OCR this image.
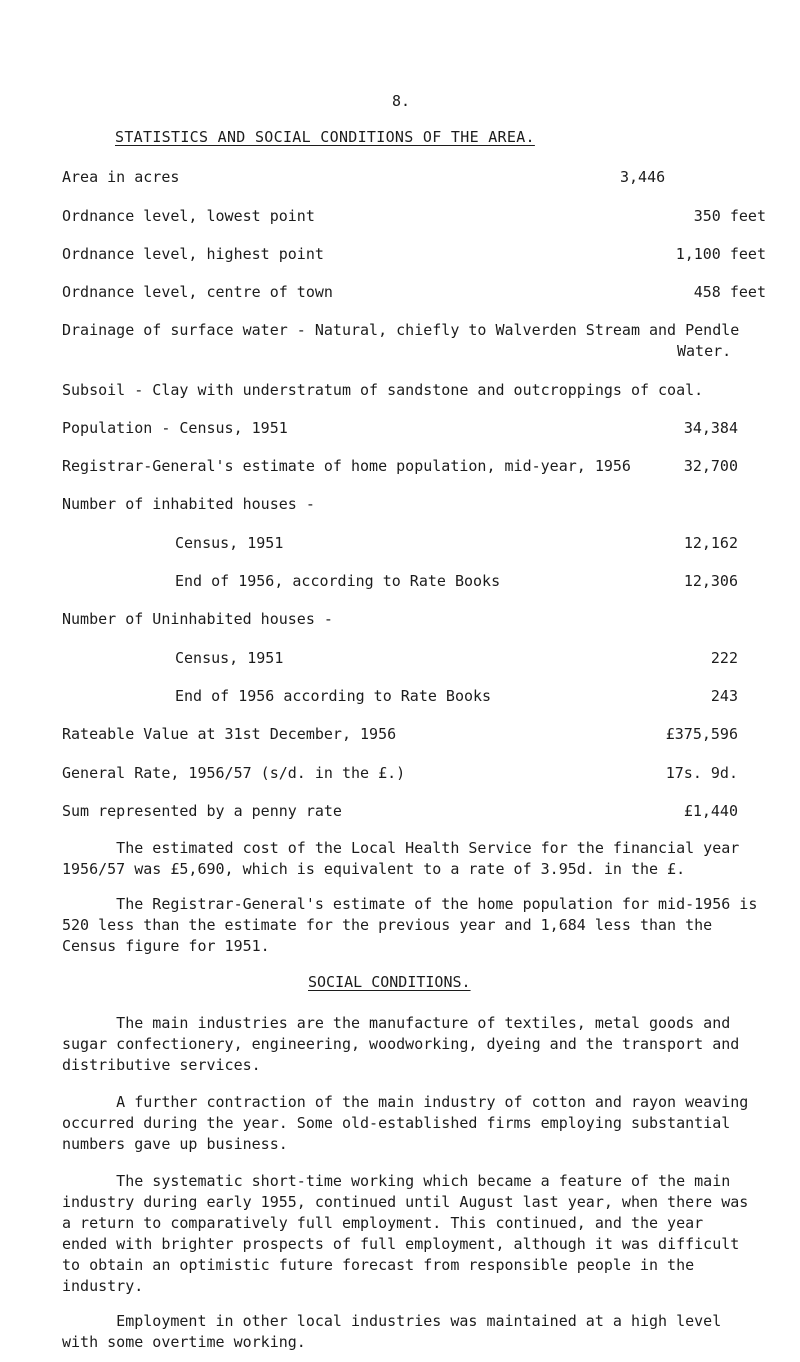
8.
STATISTICS AND SOCIAL CONDITIONS OF THE AREA.
Area in acres	3,446
Ordnance level, lowest point	350 feet
Ordnance level, highest point	1,100 feet
Ordnance level, centre of town	458 feet
Drainage of surface water - Natural, chiefly to Walverden Stream and Pendle
Water.
Subsoil - Clay with understratum of sandstone and outcroppings of coal.
Population - Census, 1951	34,384
Registrar-General's estimate of home population, mid-year, 1956	32,700
Number of inhabited houses -
Census, 1951	12,162
End of 1956, according to Rate Books	12,306
Number of Uninhabited houses -
Census, 1951	222
End of 1956 according to Rate Books	243
Rateable Value at 31st December, 1956	£375,596
General Rate, 1956/57 (s/d. in the £.)	17s. 9d.
Sum represented by a penny rate	£1,440
The estimated cost of the Local Health Service for the financial year
1956/57 was £5,690, which is equivalent to a rate of 3.95d. in the £.
The Registrar-General's estimate of the home population for mid-1956 is
520 less than the estimate for the previous year and 1,684 less than the
Census figure for 1951.
SOCIAL CONDITIONS.
The main industries are the manufacture of textiles, metal goods and
sugar confectionery, engineering, woodworking, dyeing and the transport and
distributive services.
A further contraction of the main industry of cotton and rayon weaving
occurred during the year. Some old-established firms employing substantial
numbers gave up business.
The systematic short-time working which became a feature of the main
industry during early 1955, continued until August last year, when there was
a return to comparatively full employment. This continued, and the year
ended with brighter prospects of full employment, although it was difficult
to obtain an optimistic future forecast from responsible people in the
industry.
Employment in other local industries was maintained at a high level
with some overtime working.
